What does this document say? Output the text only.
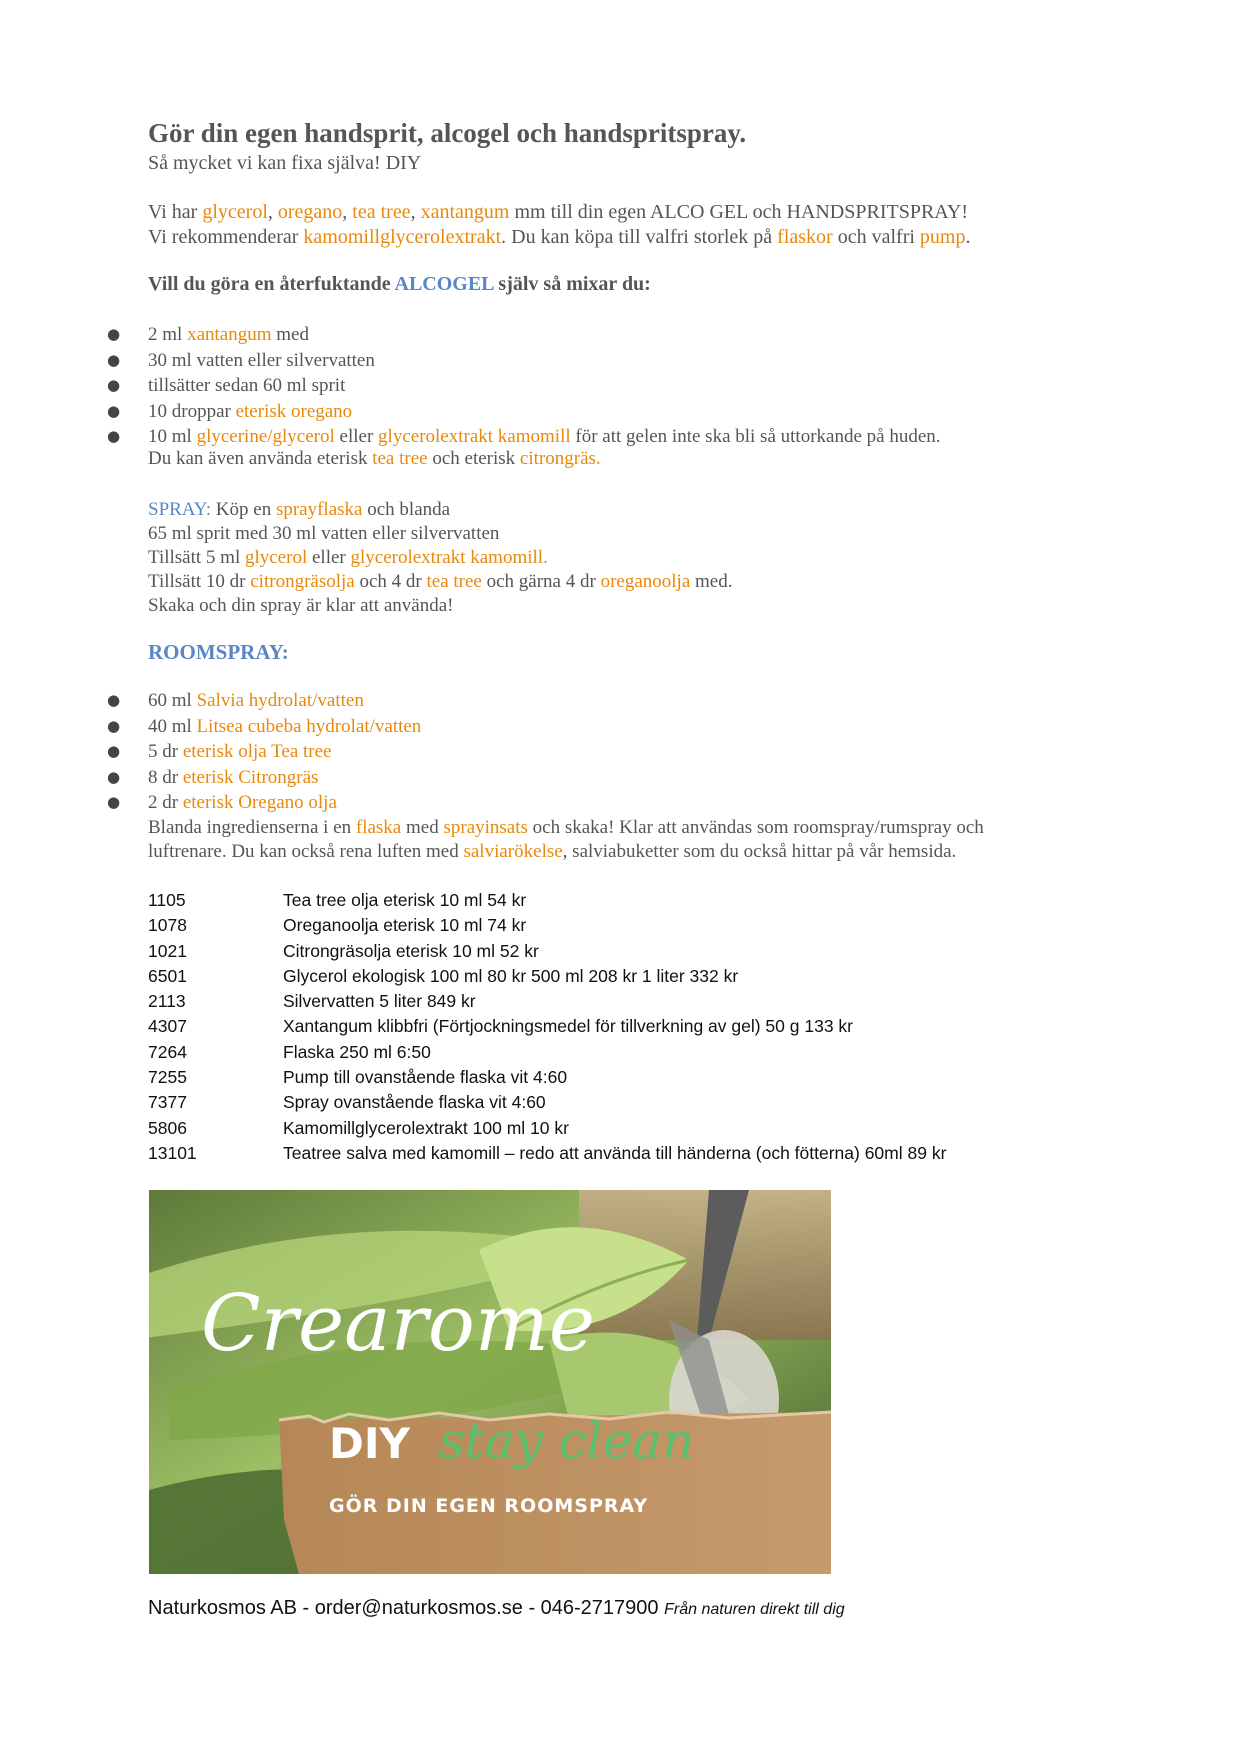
Gör din egen handsprit, alcogel och handspritspray.
Så mycket vi kan fixa själva! DIY
Vi har glycerol, oregano, tea tree, xantangum mm till din egen ALCO GEL och HANDSPRITSPRAY!
Vi rekommenderar kamomillglycerolextrakt. Du kan köpa till valfri storlek på flaskor och valfri pump.
Vill du göra en återfuktande ALCOGEL själv så mixar du:
● 2 ml xantangum med
● 30 ml vatten eller silvervatten
● tillsätter sedan 60 ml sprit
● 10 droppar eterisk oregano
● 10 ml glycerine/glycerol eller glycerolextrakt kamomill för att gelen inte ska bli så uttorkande på huden.
Du kan även använda eterisk tea tree och eterisk citrongräs.
SPRAY: Köp en sprayflaska och blanda
65 ml sprit med 30 ml vatten eller silvervatten
Tillsätt 5 ml glycerol eller glycerolextrakt kamomill.
Tillsätt 10 dr citrongräsolja och 4 dr tea tree och gärna 4 dr oreganoolja med.
Skaka och din spray är klar att använda!
ROOMSPRAY:
● 60 ml Salvia hydrolat/vatten
● 40 ml Litsea cubeba hydrolat/vatten
● 5 dr eterisk olja Tea tree
● 8 dr eterisk Citrongräs
● 2 dr eterisk Oregano olja
Blanda ingredienserna i en flaska med sprayinsats och skaka! Klar att användas som roomspray/rumspray och
luftrenare. Du kan också rena luften med salviarökelse, salviabuketter som du också hittar på vår hemsida.
1105	Tea tree olja eterisk 10 ml 54 kr
1078	Oreganoolja eterisk 10 ml 74 kr
1021	Citrongräsolja eterisk 10 ml 52 kr
6501	Glycerol ekologisk 100 ml 80 kr 500 ml 208 kr 1 liter 332 kr
2113	Silvervatten 5 liter 849 kr
4307	Xantangum klibbfri (Förtjockningsmedel för tillverkning av gel) 50 g 133 kr
7264	Flaska 250 ml 6:50
7255	Pump till ovanstående flaska vit 4:60
7377	Spray ovanstående flaska vit 4:60
5806	Kamomillglycerolextrakt 100 ml 10 kr
13101	Teatree salva med kamomill – redo att använda till händerna (och fötterna) 60ml 89 kr
Crearome
DIY stay clean
GÖR DIN EGEN ROOMSPRAY
Naturkosmos AB - order@naturkosmos.se - 046-2717900 Från naturen direkt till dig
